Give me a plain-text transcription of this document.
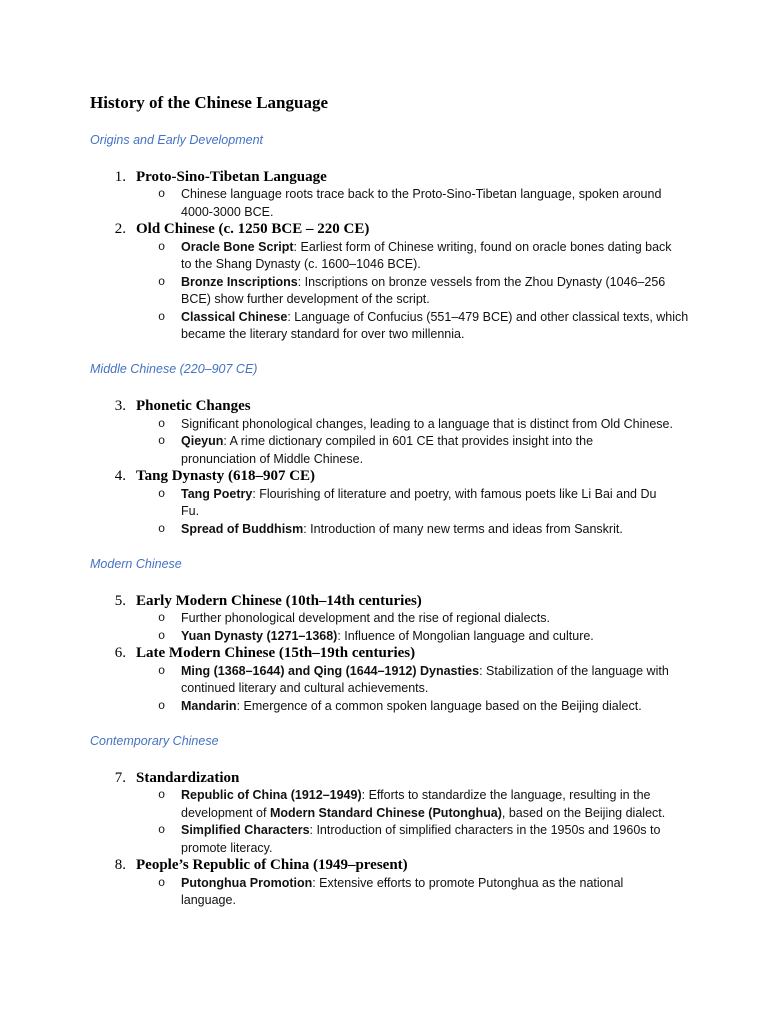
History of the Chinese Language
Origins and Early Development
1. Proto-Sino-Tibetan Language
o Chinese language roots trace back to the Proto-Sino-Tibetan language, spoken around
4000-3000 BCE.
2. Old Chinese (c. 1250 BCE – 220 CE)
o Oracle Bone Script: Earliest form of Chinese writing, found on oracle bones dating back
to the Shang Dynasty (c. 1600–1046 BCE).
o Bronze Inscriptions: Inscriptions on bronze vessels from the Zhou Dynasty (1046–256
BCE) show further development of the script.
o Classical Chinese: Language of Confucius (551–479 BCE) and other classical texts, which
became the literary standard for over two millennia.
Middle Chinese (220–907 CE)
3. Phonetic Changes
o Significant phonological changes, leading to a language that is distinct from Old Chinese.
o Qieyun: A rime dictionary compiled in 601 CE that provides insight into the
pronunciation of Middle Chinese.
4. Tang Dynasty (618–907 CE)
o Tang Poetry: Flourishing of literature and poetry, with famous poets like Li Bai and Du
Fu.
o Spread of Buddhism: Introduction of many new terms and ideas from Sanskrit.
Modern Chinese
5. Early Modern Chinese (10th–14th centuries)
o Further phonological development and the rise of regional dialects.
o Yuan Dynasty (1271–1368): Influence of Mongolian language and culture.
6. Late Modern Chinese (15th–19th centuries)
o Ming (1368–1644) and Qing (1644–1912) Dynasties: Stabilization of the language with
continued literary and cultural achievements.
o Mandarin: Emergence of a common spoken language based on the Beijing dialect.
Contemporary Chinese
7. Standardization
o Republic of China (1912–1949): Efforts to standardize the language, resulting in the
development of Modern Standard Chinese (Putonghua), based on the Beijing dialect.
o Simplified Characters: Introduction of simplified characters in the 1950s and 1960s to
promote literacy.
8. People’s Republic of China (1949–present)
o Putonghua Promotion: Extensive efforts to promote Putonghua as the national
language.
